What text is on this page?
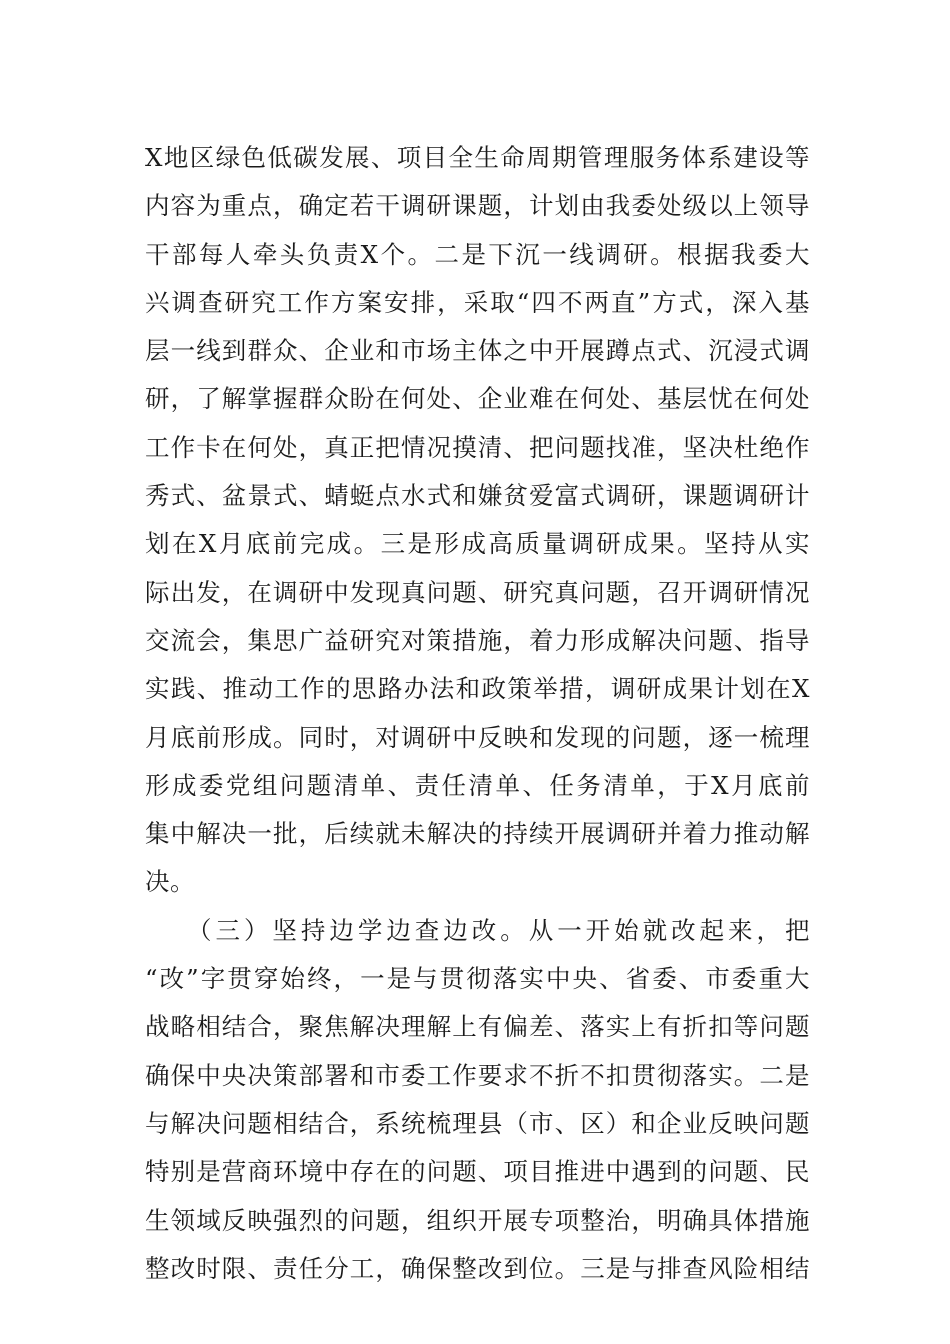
X地区绿色低碳发展、项目全生命周期管理服务体系建设等
内容为重点，确定若干调研课题，计划由我委处级以上领导
干部每人牵头负责X个。二是下沉一线调研。根据我委大
兴调查研究工作方案安排，采取“四不两直”方式，深入基
层一线到群众、企业和市场主体之中开展蹲点式、沉浸式调
研，了解掌握群众盼在何处、企业难在何处、基层忧在何处
工作卡在何处，真正把情况摸清、把问题找准，坚决杜绝作
秀式、盆景式、蜻蜓点水式和嫌贫爱富式调研，课题调研计
划在X月底前完成。三是形成高质量调研成果。坚持从实
际出发，在调研中发现真问题、研究真问题，召开调研情况
交流会，集思广益研究对策措施，着力形成解决问题、指导
实践、推动工作的思路办法和政策举措，调研成果计划在X
月底前形成。同时，对调研中反映和发现的问题，逐一梳理
形成委党组问题清单、责任清单、任务清单，于X月底前
集中解决一批，后续就未解决的持续开展调研并着力推动解
决。
（三）坚持边学边查边改。从一开始就改起来，把
“改”字贯穿始终，一是与贯彻落实中央、省委、市委重大
战略相结合，聚焦解决理解上有偏差、落实上有折扣等问题
确保中央决策部署和市委工作要求不折不扣贯彻落实。二是
与解决问题相结合，系统梳理县（市、区）和企业反映问题
特别是营商环境中存在的问题、项目推进中遇到的问题、民
生领域反映强烈的问题，组织开展专项整治，明确具体措施
整改时限、责任分工，确保整改到位。三是与排查风险相结
